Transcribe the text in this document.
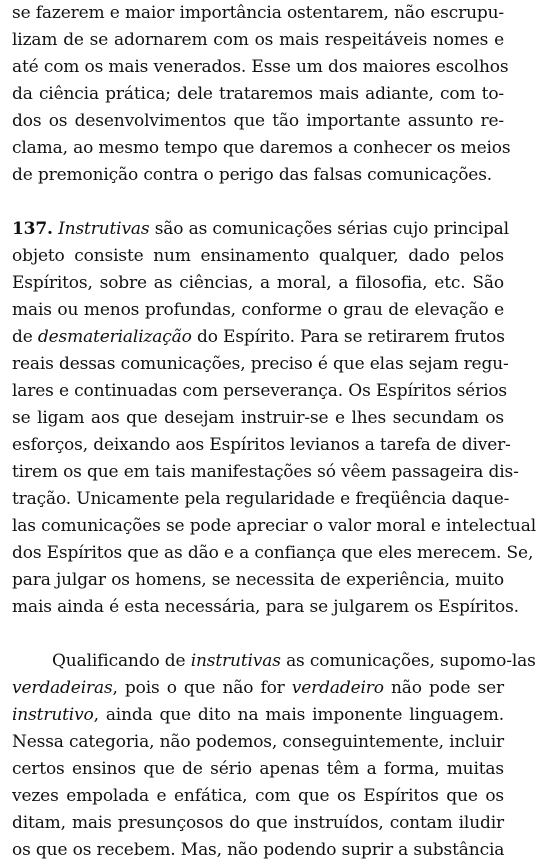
se fazerem e maior importância ostentarem, não escrupu-
lizam de se adornarem com os mais respeitáveis nomes e
até com os mais venerados. Esse um dos maiores escolhos
da ciência prática; dele trataremos mais adiante, com to-
dos os desenvolvimentos que tão importante assunto re-
clama, ao mesmo tempo que daremos a conhecer os meios
de premonição contra o perigo das falsas comunicações.
137. Instrutivas são as comunicações sérias cujo principal
objeto consiste num ensinamento qualquer, dado pelos
Espíritos, sobre as ciências, a moral, a filosofia, etc. São
mais ou menos profundas, conforme o grau de elevação e
de desmaterialização do Espírito. Para se retirarem frutos
reais dessas comunicações, preciso é que elas sejam regu-
lares e continuadas com perseverança. Os Espíritos sérios
se ligam aos que desejam instruir-se e lhes secundam os
esforços, deixando aos Espíritos levianos a tarefa de diver-
tirem os que em tais manifestações só vêem passageira dis-
tração. Unicamente pela regularidade e freqüência daque-
las comunicações se pode apreciar o valor moral e intelectual
dos Espíritos que as dão e a confiança que eles merecem. Se,
para julgar os homens, se necessita de experiência, muito
mais ainda é esta necessária, para se julgarem os Espíritos.
Qualificando de instrutivas as comunicações, supomo-las
verdadeiras, pois o que não for verdadeiro não pode ser
instrutivo, ainda que dito na mais imponente linguagem.
Nessa categoria, não podemos, conseguintemente, incluir
certos ensinos que de sério apenas têm a forma, muitas
vezes empolada e enfática, com que os Espíritos que os
ditam, mais presunçosos do que instruídos, contam iludir
os que os recebem. Mas, não podendo suprir a substância
